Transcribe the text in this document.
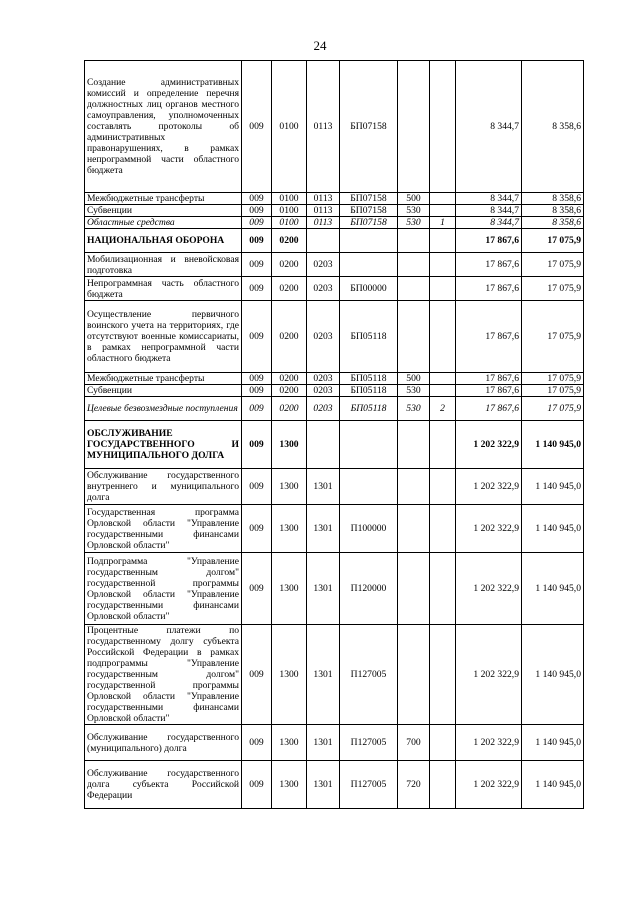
24
Создание административных комиссий и определение перечня должностных лиц органов местного самоуправления, уполномоченных составлять протоколы об административных правонарушениях, в рамках непрограммной части областного бюджета	009	0100	0113	БП07158			8 344,7	8 358,6
Межбюджетные трансферты	009	0100	0113	БП07158	500		8 344,7	8 358,6
Субвенции	009	0100	0113	БП07158	530		8 344,7	8 358,6
Областные средства	009	0100	0113	БП07158	530	1	8 344,7	8 358,6
НАЦИОНАЛЬНАЯ ОБОРОНА	009	0200					17 867,6	17 075,9
Мобилизационная и вневойсковая подготовка	009	0200	0203				17 867,6	17 075,9
Непрограммная часть областного бюджета	009	0200	0203	БП00000			17 867,6	17 075,9
Осуществление первичного воинского учета на территориях, где отсутствуют военные комиссариаты, в рамках непрограммной части областного бюджета	009	0200	0203	БП05118			17 867,6	17 075,9
Межбюджетные трансферты	009	0200	0203	БП05118	500		17 867,6	17 075,9
Субвенции	009	0200	0203	БП05118	530		17 867,6	17 075,9
Целевые безвозмездные поступления	009	0200	0203	БП05118	530	2	17 867,6	17 075,9
ОБСЛУЖИВАНИЕ ГОСУДАРСТВЕННОГО И МУНИЦИПАЛЬНОГО ДОЛГА	009	1300					1 202 322,9	1 140 945,0
Обслуживание государственного внутреннего и муниципального долга	009	1300	1301				1 202 322,9	1 140 945,0
Государственная программа Орловской области "Управление государственными финансами Орловской области"	009	1300	1301	П100000			1 202 322,9	1 140 945,0
Подпрограмма "Управление государственным долгом" государственной программы Орловской области "Управление государственными финансами Орловской области"	009	1300	1301	П120000			1 202 322,9	1 140 945,0
Процентные платежи по государственному долгу субъекта Российской Федерации в рамках подпрограммы "Управление государственным долгом" государственной программы Орловской области "Управление государственными финансами Орловской области"	009	1300	1301	П127005			1 202 322,9	1 140 945,0
Обслуживание государственного (муниципального) долга	009	1300	1301	П127005	700		1 202 322,9	1 140 945,0
Обслуживание государственного долга субъекта Российской Федерации	009	1300	1301	П127005	720		1 202 322,9	1 140 945,0
